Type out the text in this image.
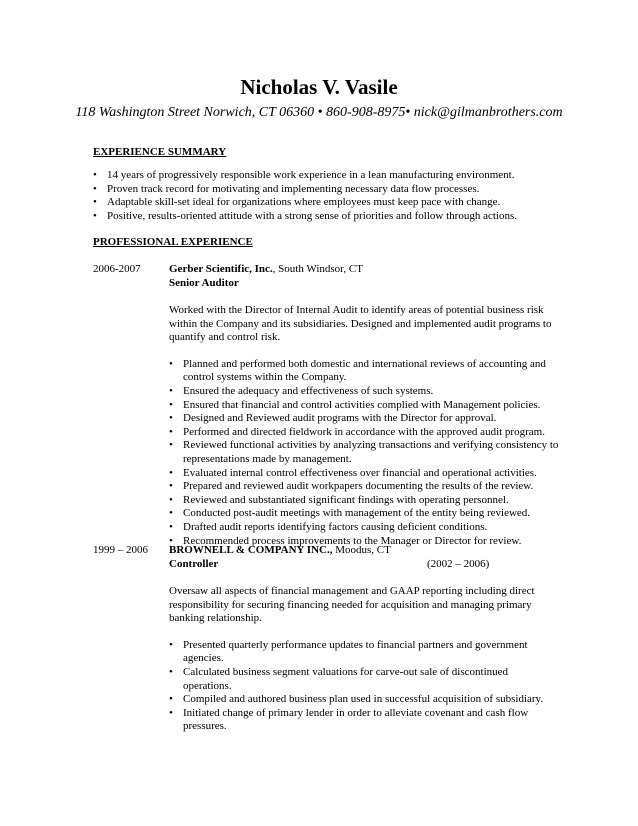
Nicholas V. Vasile
118 Washington Street Norwich, CT 06360 • 860-908-8975• nick@gilmanbrothers.com
EXPERIENCE SUMMARY
• 14 years of progressively responsible work experience in a lean manufacturing environment.
• Proven track record for motivating and implementing necessary data flow processes.
• Adaptable skill-set ideal for organizations where employees must keep pace with change.
• Positive, results-oriented attitude with a strong sense of priorities and follow through actions.
PROFESSIONAL EXPERIENCE
2006-2007	Gerber Scientific, Inc., South Windsor, CT
Senior Auditor
Worked with the Director of Internal Audit to identify areas of potential business risk within the Company and its subsidiaries. Designed and implemented audit programs to quantify and control risk.
• Planned and performed both domestic and international reviews of accounting and control systems within the Company.
• Ensured the adequacy and effectiveness of such systems.
• Ensured that financial and control activities complied with Management policies.
• Designed and Reviewed audit programs with the Director for approval.
• Performed and directed fieldwork in accordance with the approved audit program.
• Reviewed functional activities by analyzing transactions and verifying consistency to representations made by management.
• Evaluated internal control effectiveness over financial and operational activities.
• Prepared and reviewed audit workpapers documenting the results of the review.
• Reviewed and substantiated significant findings with operating personnel.
• Conducted post-audit meetings with management of the entity being reviewed.
• Drafted audit reports identifying factors causing deficient conditions.
• Recommended process improvements to the Manager or Director for review.
1999 – 2006 BROWNELL & COMPANY INC., Moodus, CT
Controller	(2002 – 2006)
Oversaw all aspects of financial management and GAAP reporting including direct responsibility for securing financing needed for acquisition and managing primary banking relationship.
• Presented quarterly performance updates to financial partners and government agencies.
• Calculated business segment valuations for carve-out sale of discontinued operations.
• Compiled and authored business plan used in successful acquisition of subsidiary.
• Initiated change of primary lender in order to alleviate covenant and cash flow pressures.
